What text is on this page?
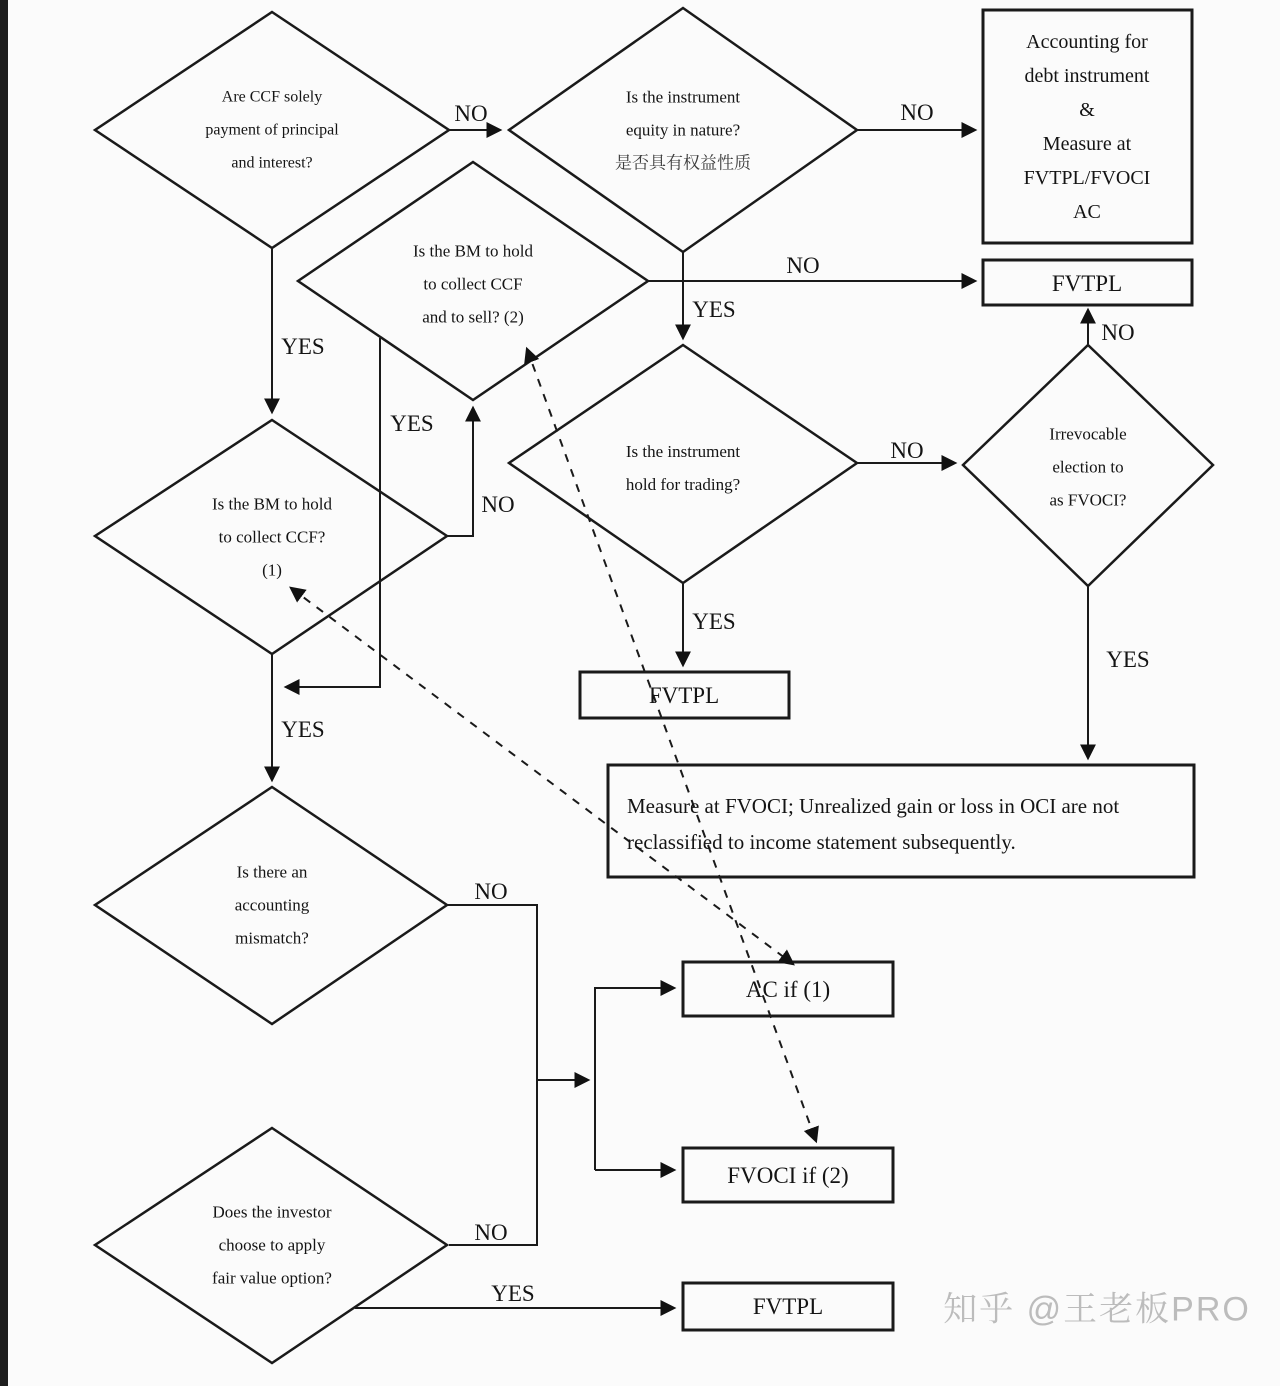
Are CCF solely
payment of principal
and interest?
Is the instrument
equity in nature?
是否具有权益性质
Is the BM to hold
to collect CCF
and to sell? (2)
Is the instrument
hold for trading?
Irrevocable
election to
as FVOCI?
Is the BM to hold
to collect CCF?
(1)
Is there an
accounting
mismatch?
Does the investor
choose to apply
fair value option?
Accounting for
debt instrument
&
Measure at
FVTPL/FVOCI
AC
FVTPL
FVTPL
Measure at FVOCI; Unrealized gain or loss in OCI are not
reclassified to income statement subsequently.
AC if (1)
FVOCI if (2)
FVTPL
NO	NO
YES
YES
NO
NO
YES
NO
NO
YES
YES
YES
NO
NO
YES	知乎 @王老板PRO
